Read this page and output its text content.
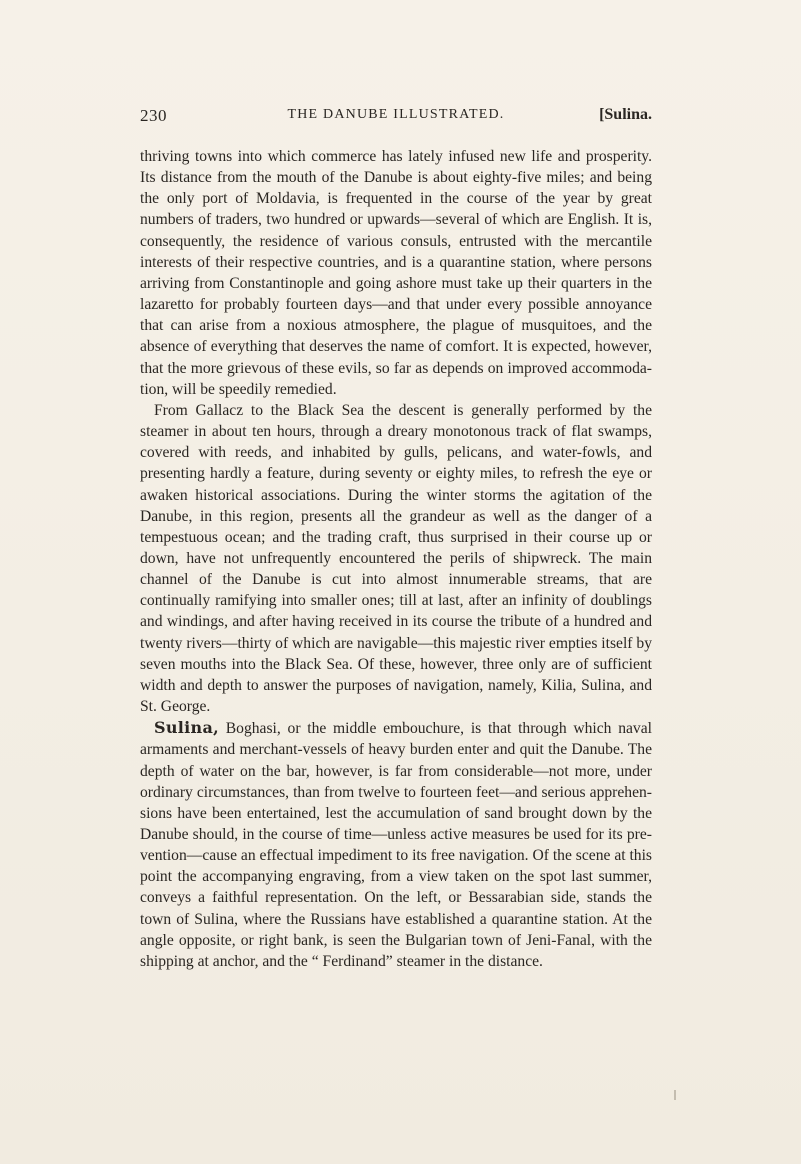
230	THE DANUBE ILLUSTRATED.	[Sulina.

thriving towns into which commerce has lately infused new life and prosperity. Its distance from the mouth of the Danube is about eighty-five miles; and being the only port of Moldavia, is frequented in the course of the year by great numbers of traders, two hundred or upwards—several of which are English. It is, consequently, the residence of various consuls, entrusted with the mercantile interests of their respective countries, and is a quarantine station, where persons arriving from Constantinople and going ashore must take up their quarters in the lazaretto for probably fourteen days—and that under every possible annoyance that can arise from a noxious atmosphere, the plague of musquitoes, and the absence of everything that deserves the name of comfort. It is expected, however, that the more grievous of these evils, so far as depends on improved accommodation, will be speedily remedied.

From Gallacz to the Black Sea the descent is generally performed by the steamer in about ten hours, through a dreary monotonous track of flat swamps, covered with reeds, and inhabited by gulls, pelicans, and water-fowls, and presenting hardly a feature, during seventy or eighty miles, to refresh the eye or awaken historical associations. During the winter storms the agitation of the Danube, in this region, presents all the grandeur as well as the danger of a tempestuous ocean; and the trading craft, thus surprised in their course up or down, have not unfrequently encountered the perils of shipwreck. The main channel of the Danube is cut into almost innumerable streams, that are continually ramifying into smaller ones; till at last, after an infinity of doublings and windings, and after having received in its course the tribute of a hundred and twenty rivers—thirty of which are navigable—this majestic river empties itself by seven mouths into the Black Sea. Of these, however, three only are of sufficient width and depth to answer the purposes of navigation, namely, Kilia, Sulina, and St. George.

Sulina, Boghasi, or the middle embouchure, is that through which naval armaments and merchant-vessels of heavy burden enter and quit the Danube. The depth of water on the bar, however, is far from considerable—not more, under ordinary circumstances, than from twelve to fourteen feet—and serious apprehensions have been entertained, lest the accumulation of sand brought down by the Danube should, in the course of time—unless active measures be used for its prevention—cause an effectual impediment to its free navigation. Of the scene at this point the accompanying engraving, from a view taken on the spot last summer, conveys a faithful representation. On the left, or Bessarabian side, stands the town of Sulina, where the Russians have established a quarantine station. At the angle opposite, or right bank, is seen the Bulgarian town of Jeni-Fanal, with the shipping at anchor, and the “ Ferdinand” steamer in the distance.
